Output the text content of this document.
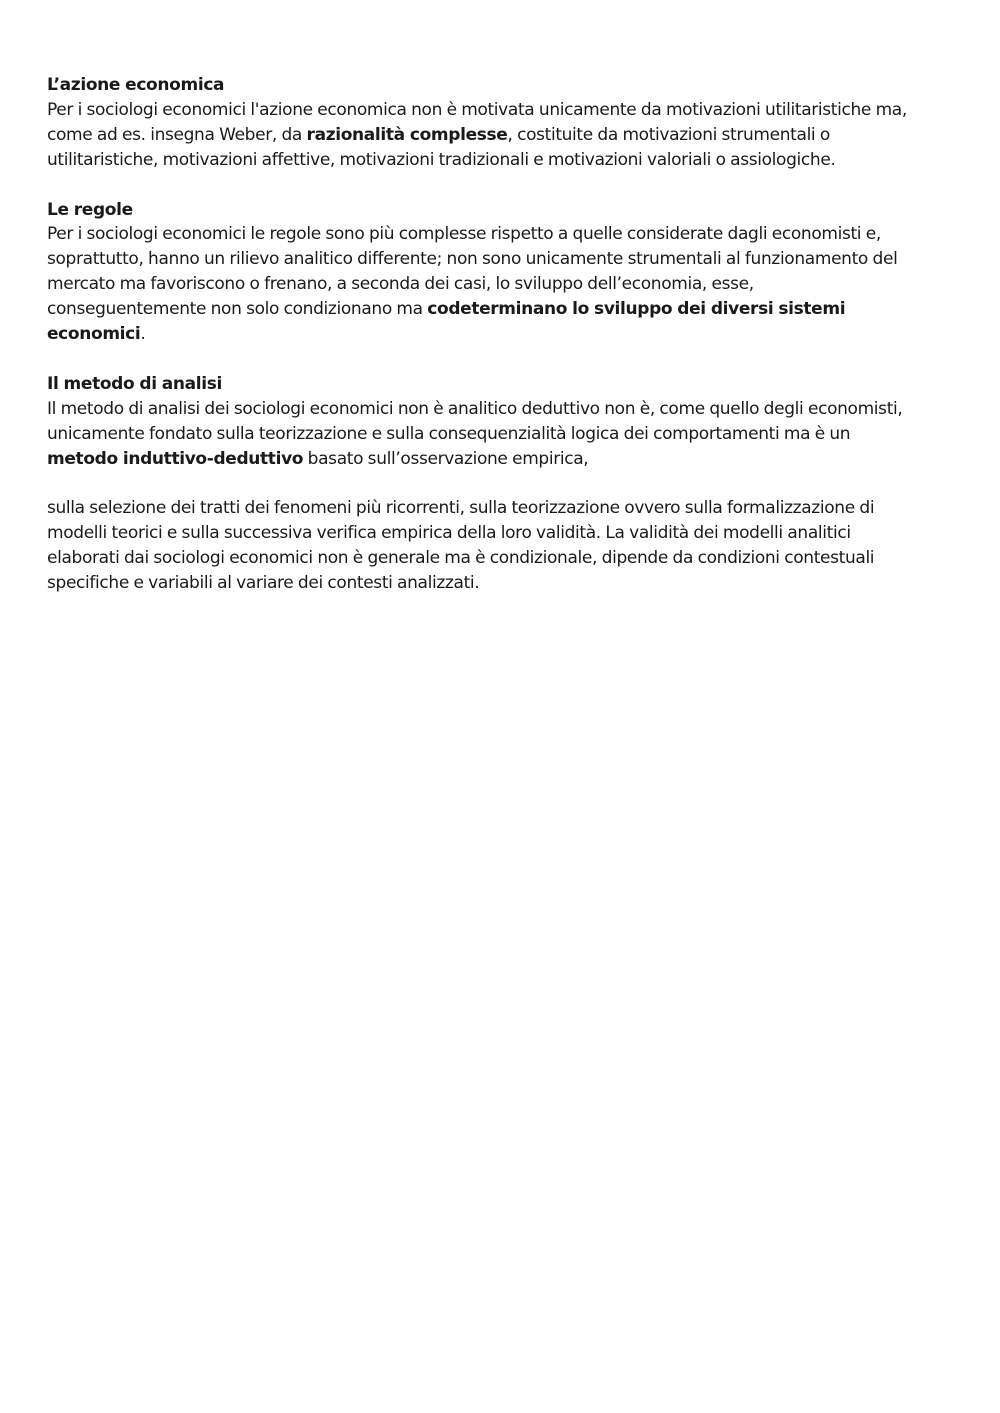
L’azione economica

Per i sociologi economici l'azione economica non è motivata unicamente da motivazioni utilitaristiche ma, come ad es. insegna Weber, da razionalità complesse, costituite da motivazioni strumentali o utilitaristiche, motivazioni affettive, motivazioni tradizionali e motivazioni valoriali o assiologiche.

Le regole

Per i sociologi economici le regole sono più complesse rispetto a quelle considerate dagli economisti e, soprattutto, hanno un rilievo analitico differente; non sono unicamente strumentali al funzionamento del mercato ma favoriscono o frenano, a seconda dei casi, lo sviluppo dell’economia, esse, conseguentemente non solo condizionano ma codeterminano lo sviluppo dei diversi sistemi economici.

Il metodo di analisi

Il metodo di analisi dei sociologi economici non è analitico deduttivo non è, come quello degli economisti, unicamente fondato sulla teorizzazione e sulla consequenzialità logica dei comportamenti ma è un metodo induttivo-deduttivo basato sull’osservazione empirica,

sulla selezione dei tratti dei fenomeni più ricorrenti, sulla teorizzazione ovvero sulla formalizzazione di modelli teorici e sulla successiva verifica empirica della loro validità. La validità dei modelli analitici elaborati dai sociologi economici non è generale ma è condizionale, dipende da condizioni contestuali specifiche e variabili al variare dei contesti analizzati.
